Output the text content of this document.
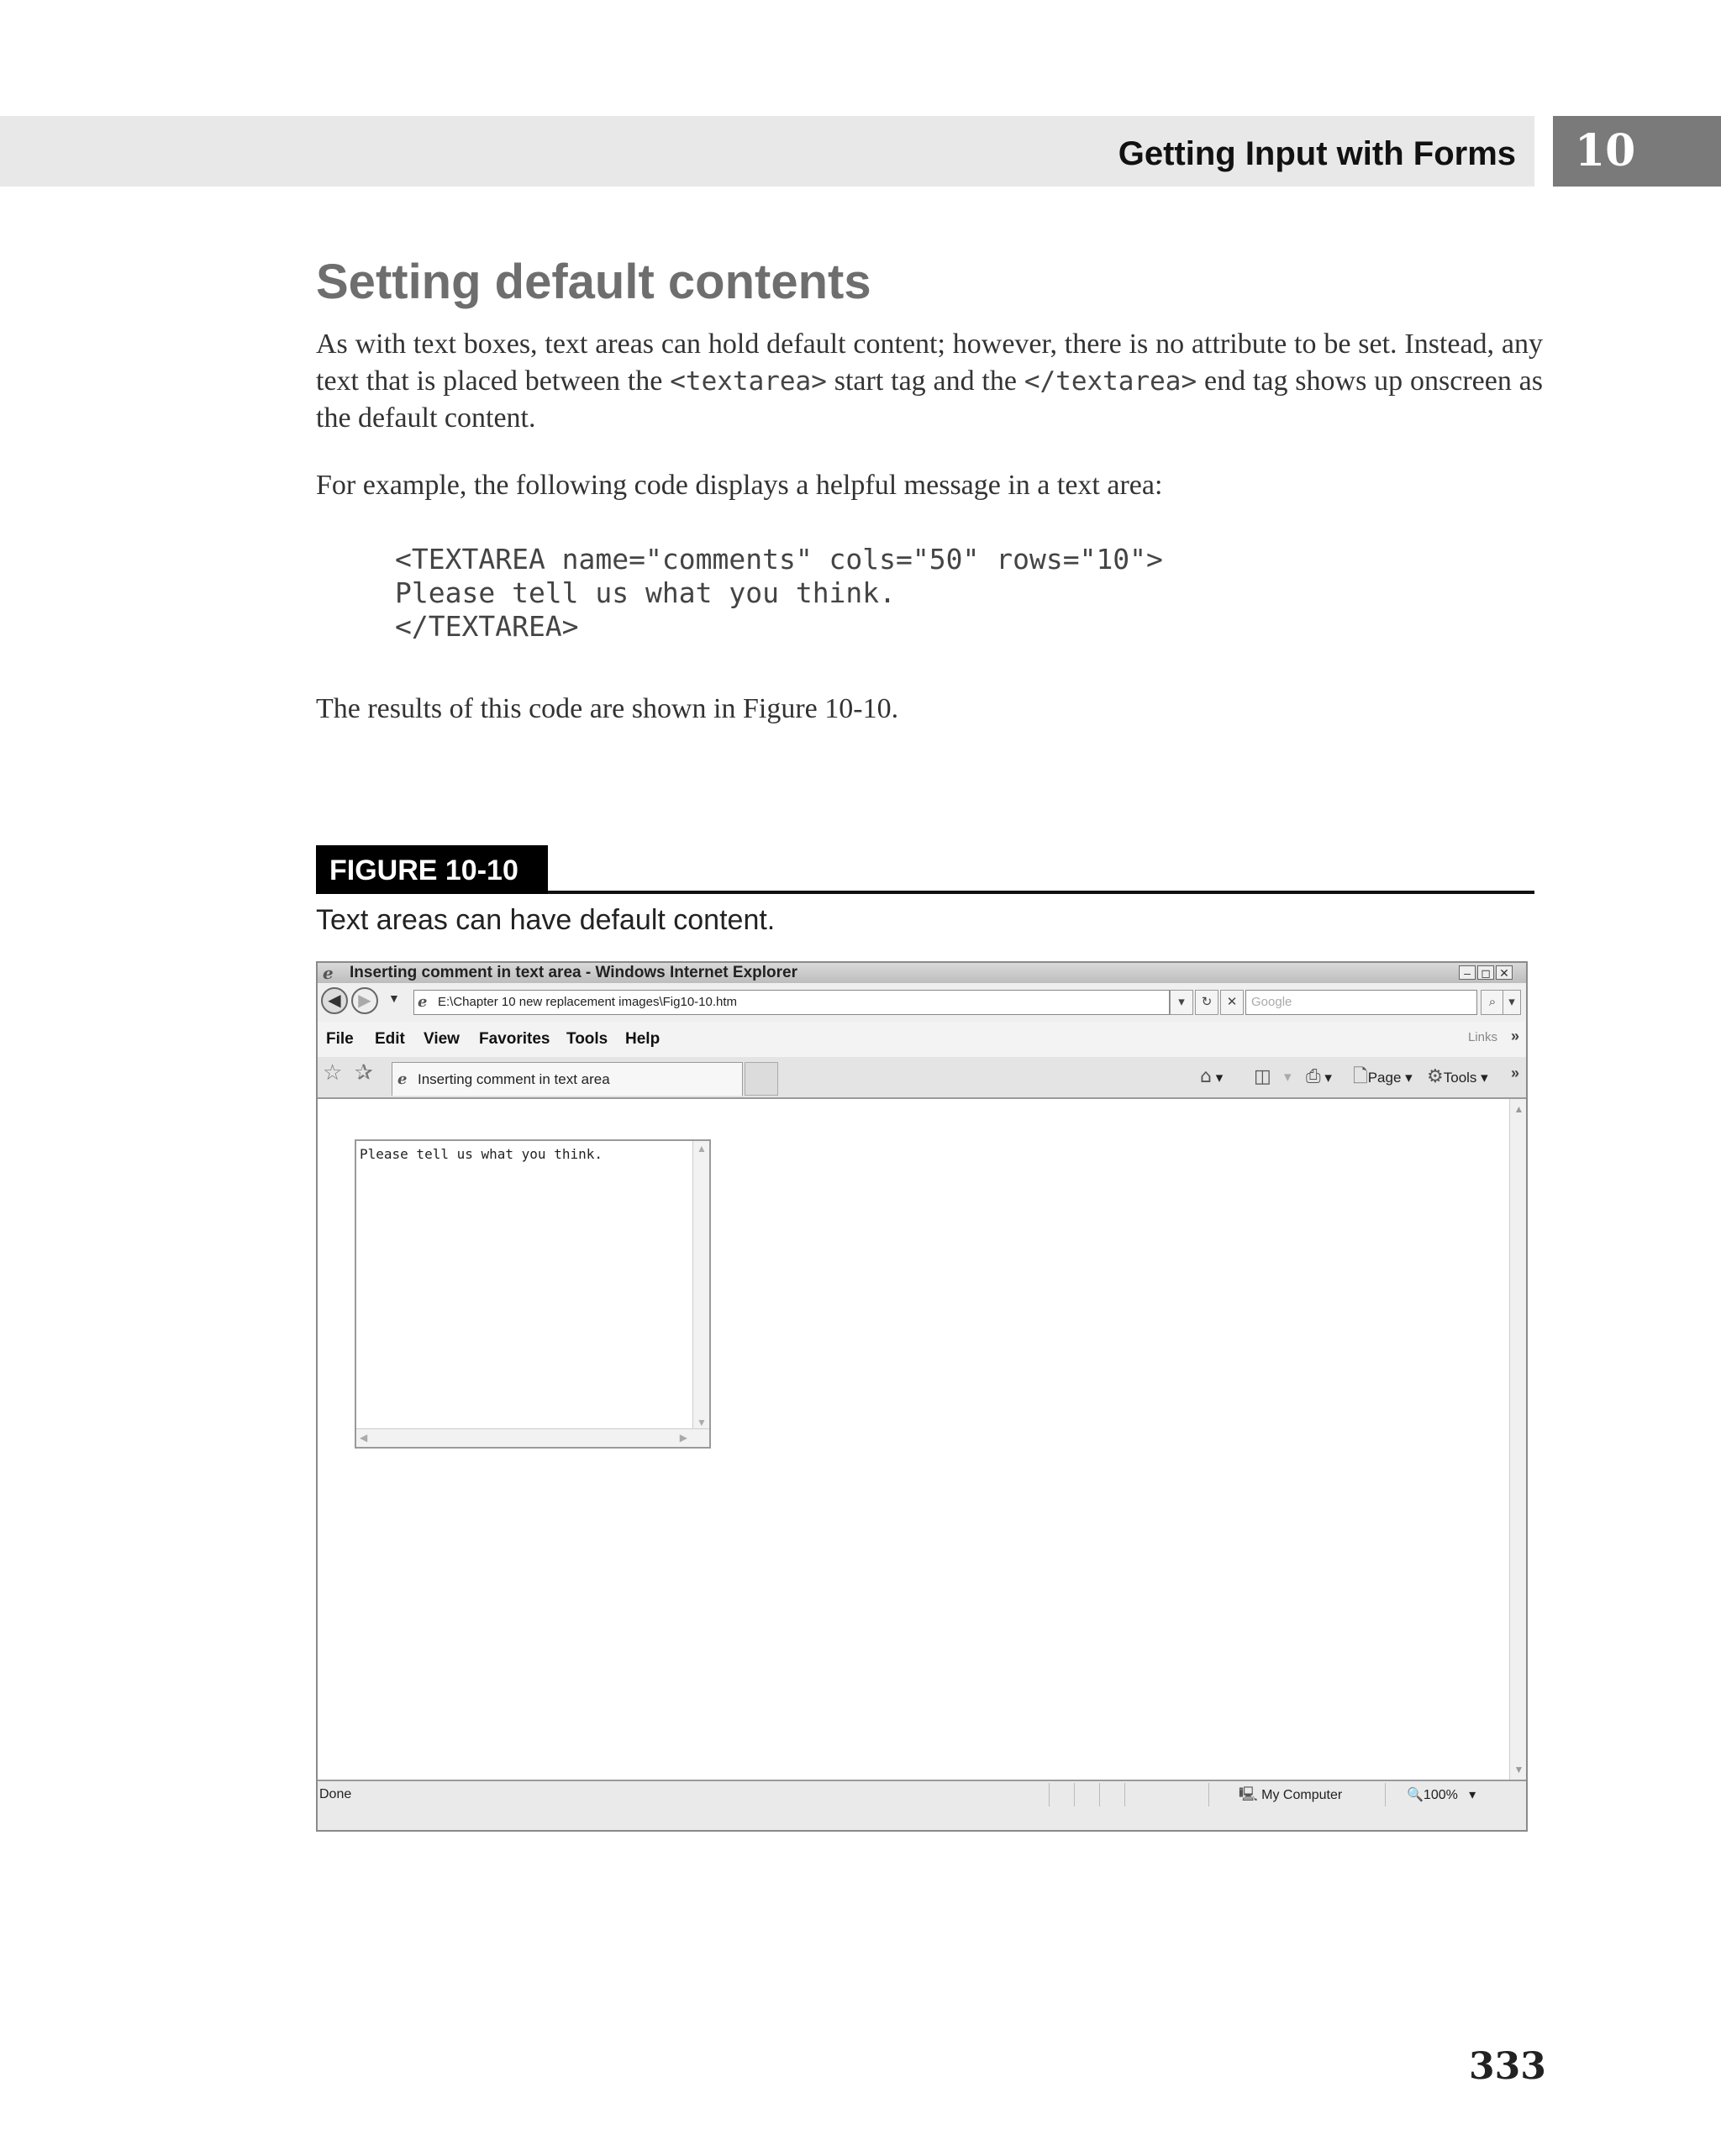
Getting Input with Forms	10
Setting default contents
As with text boxes, text areas can hold default content; however, there is no attribute to be set. Instead, any text that is placed between the <textarea> start tag and the </textarea> end tag shows up onscreen as the default content.
For example, the following code displays a helpful message in a text area:
<TEXTAREA name="comments" cols="50" rows="10">
Please tell us what you think.
</TEXTAREA>
The results of this code are shown in Figure 10-10.
FIGURE 10-10
Text areas can have default content.
e Inserting comment in text area - Windows Internet Explorer	– ◻ ✕
◀	▶	▼ e E:\Chapter 10 new replacement images\Fig10-10.htm	▾	↻	✕	Google	⌕	▾
File Edit View Favorites Tools Help	Links »
☆ ✰ e Inserting comment in text area	⌂ ▾ ◫ ▾ ⎙ ▾ 🗋Page ▾ ⚙Tools ▾ »
Please tell us what you think.	▲
▼
◀	▶
▲
▼
Done	🖳 My Computer	🔍100%   ▾
333
